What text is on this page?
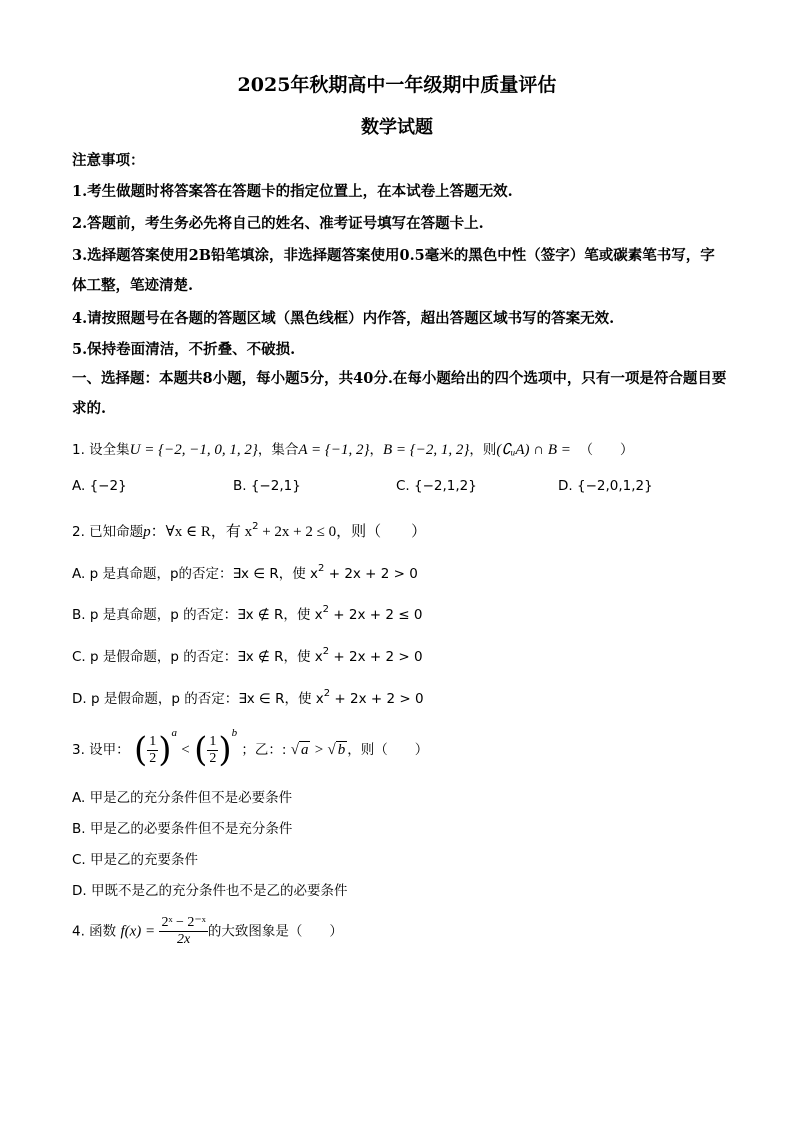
2025年秋期高中一年级期中质量评估
数学试题
注意事项：
1.考生做题时将答案答在答题卡的指定位置上，在本试卷上答题无效.
2.答题前，考生务必先将自己的姓名、准考证号填写在答题卡上.
3.选择题答案使用2B铅笔填涂，非选择题答案使用0.5毫米的黑色中性（签字）笔或碳素笔书写，字体工整，笔迹清楚.
4.请按照题号在各题的答题区域（黑色线框）内作答，超出答题区域书写的答案无效.
5.保持卷面清洁，不折叠、不破损.
一、选择题：本题共8小题，每小题5分，共40分.在每小题给出的四个选项中，只有一项是符合题目要求的.
1. 设全集U = {−2, −1, 0, 1, 2}，集合A = {−1, 2}，B = {−2, 1, 2}，则(∁ᵤA) ∩ B = （　　）
A. {−2}	B. {−2,1}	C. {−2,1,2}	D. {−2,0,1,2}
2. 已知命题p：∀x ∈ R，有 $x^2 + 2x + 2 \le 0$，则（　　）
A. p 是真命题，p的否定：∃x ∈ R，使 $x^2 + 2x + 2 > 0$
B. p 是真命题，p 的否定：∃x ∉ R，使 $x^2 + 2x + 2 \le 0$
C. p 是假命题，p 的否定：∃x ∉ R，使 $x^2 + 2x + 2 > 0$
D. p 是假命题，p 的否定：∃x ∈ R，使 $x^2 + 2x + 2 > 0$
3. 设甲： ( $\frac{1}{2} )^a$ < ( $\frac{1}{2} )^b$ ；乙：: √ a > √ b ，则（　　）
A. 甲是乙的充分条件但不是必要条件
B. 甲是乙的必要条件但不是充分条件
C. 甲是乙的充要条件
D. 甲既不是乙的充分条件也不是乙的必要条件
4. 函数 $f(x) = \frac{\text{2ˣ − 2⁻ˣ}}{2x}$ 的大致图象是（　　）
